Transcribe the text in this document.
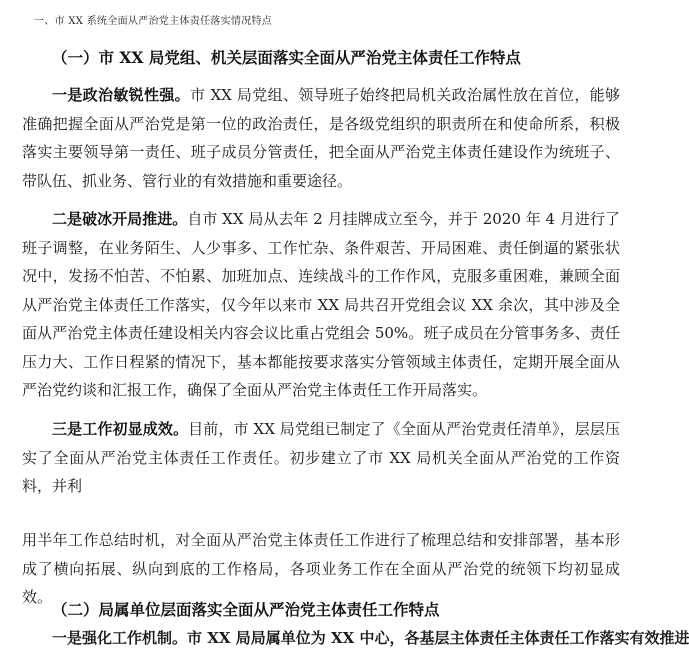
一、市 XX 系统全面从严治党主体责任落实情况特点
（一）市 XX 局党组、机关层面落实全面从严治党主体责任工作特点
一是政治敏锐性强。市 XX 局党组、领导班子始终把局机关政治属性放在首位，能够准确把握全面从严治党是第一位的政治责任，是各级党组织的职责所在和使命所系，积极落实主要领导第一责任、班子成员分管责任，把全面从严治党主体责任建设作为统班子、带队伍、抓业务、管行业的有效措施和重要途径。
二是破冰开局推进。自市 XX 局从去年 2 月挂牌成立至今，并于 2020 年 4 月进行了班子调整，在业务陌生、人少事多、工作忙杂、条件艰苦、开局困难、责任倒逼的紧张状况中，发扬不怕苦、不怕累、加班加点、连续战斗的工作作风，克服多重困难，兼顾全面从严治党主体责任工作落实，仅今年以来市 XX 局共召开党组会议 XX 余次，其中涉及全面从严治党主体责任建设相关内容会议比重占党组会 50%。班子成员在分管事务多、责任压力大、工作日程紧的情况下，基本都能按要求落实分管领域主体责任，定期开展全面从严治党约谈和汇报工作，确保了全面从严治党主体责任工作开局落实。
三是工作初显成效。目前，市 XX 局党组已制定了《全面从严治党责任清单》，层层压实了全面从严治党主体责任工作责任。初步建立了市 XX 局机关全面从严治党的工作资料，并利
用半年工作总结时机，对全面从严治党主体责任工作进行了梳理总结和安排部署，基本形成了横向拓展、纵向到底的工作格局，各项业务工作在全面从严治党的统领下均初显成效。
（二）局属单位层面落实全面从严治党主体责任工作特点
一是强化工作机制。市 XX 局局属单位为 XX 中心，各基层主体责任主体责任工作落实有效推进
